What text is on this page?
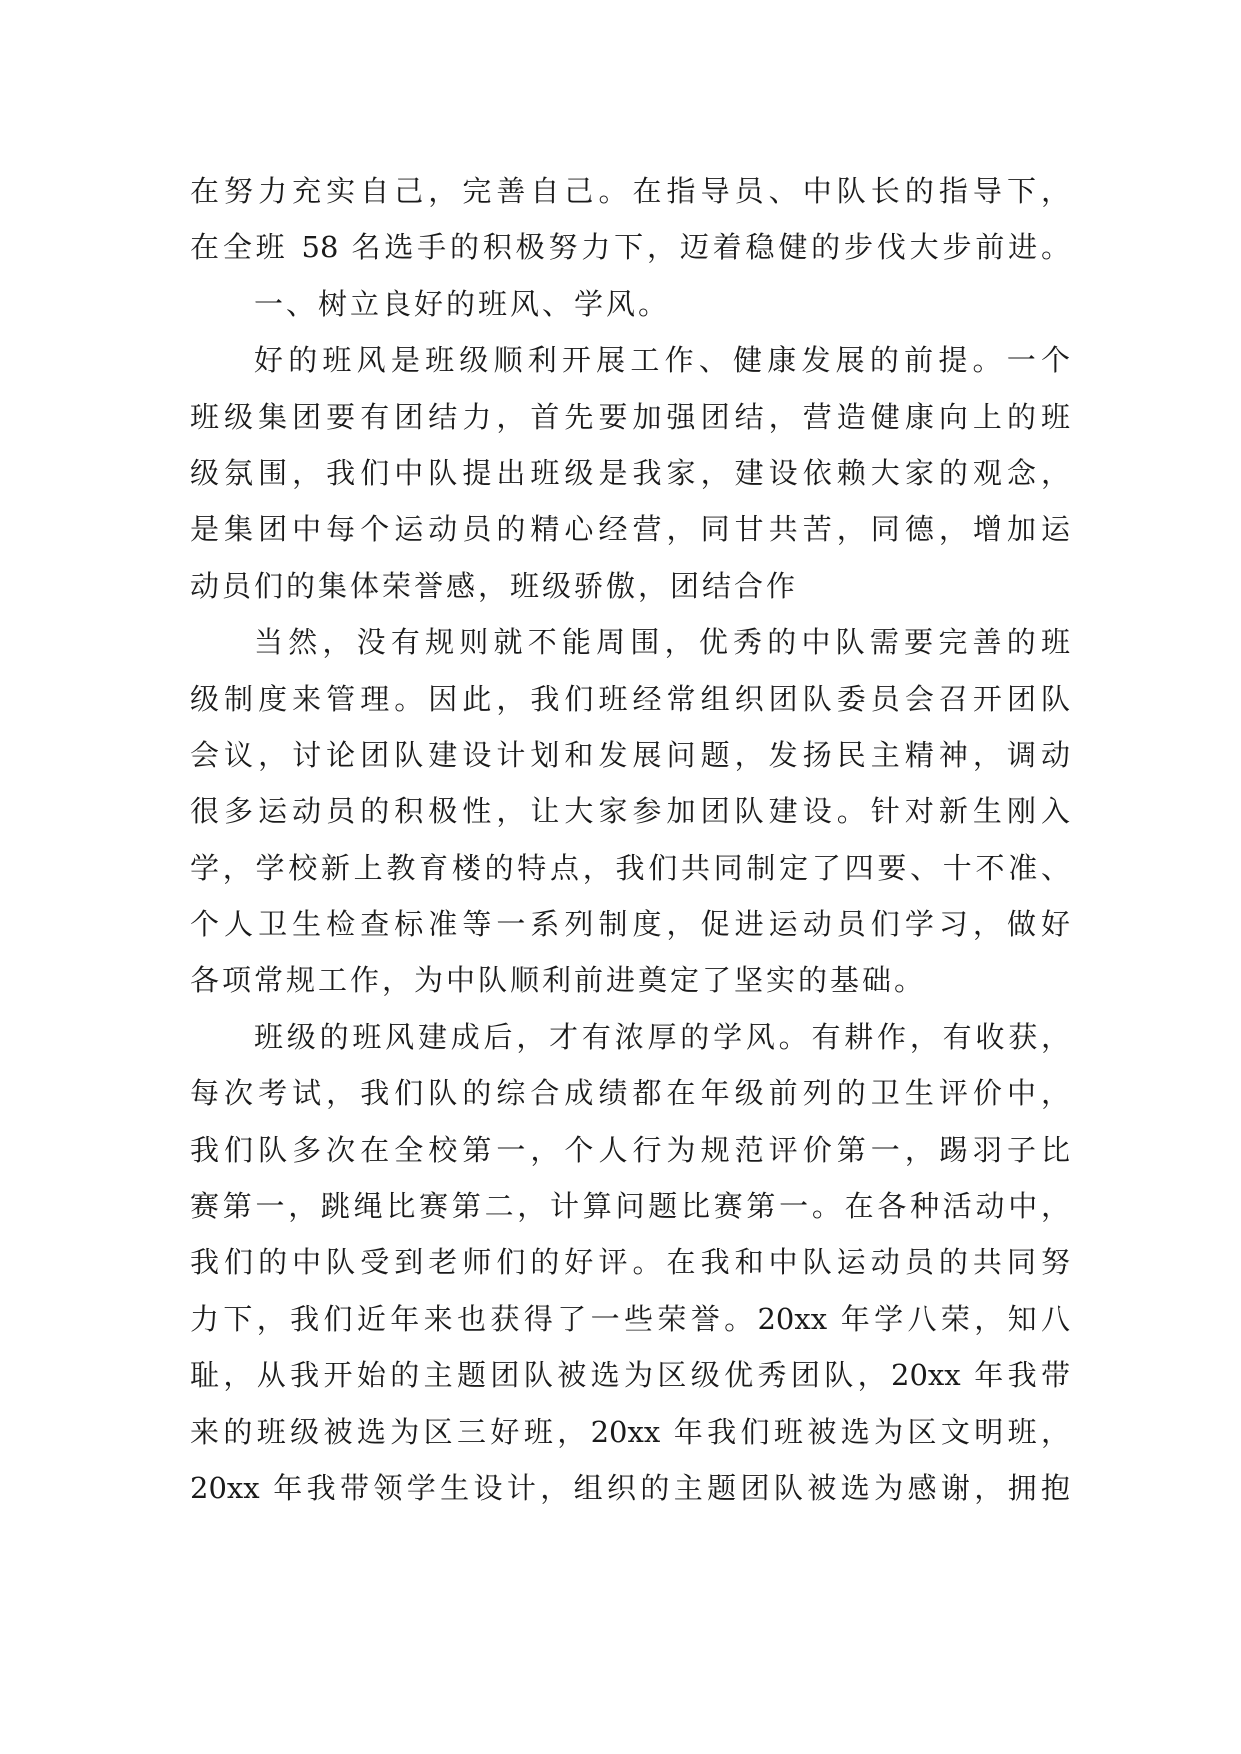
在努力充实自己，完善自己。在指导员、中队长的指导下，
在全班 58 名选手的积极努力下，迈着稳健的步伐大步前进。
一、树立良好的班风、学风。
好的班风是班级顺利开展工作、健康发展的前提。一个
班级集团要有团结力，首先要加强团结，营造健康向上的班
级氛围，我们中队提出班级是我家，建设依赖大家的观念，
是集团中每个运动员的精心经营，同甘共苦，同德，增加运
动员们的集体荣誉感，班级骄傲，团结合作
当然，没有规则就不能周围，优秀的中队需要完善的班
级制度来管理。因此，我们班经常组织团队委员会召开团队
会议，讨论团队建设计划和发展问题，发扬民主精神，调动
很多运动员的积极性，让大家参加团队建设。针对新生刚入
学，学校新上教育楼的特点，我们共同制定了四要、十不准、
个人卫生检查标准等一系列制度，促进运动员们学习，做好
各项常规工作，为中队顺利前进奠定了坚实的基础。
班级的班风建成后，才有浓厚的学风。有耕作，有收获，
每次考试，我们队的综合成绩都在年级前列的卫生评价中，
我们队多次在全校第一，个人行为规范评价第一，踢羽子比
赛第一，跳绳比赛第二，计算问题比赛第一。在各种活动中，
我们的中队受到老师们的好评。在我和中队运动员的共同努
力下，我们近年来也获得了一些荣誉。20xx 年学八荣，知八
耻，从我开始的主题团队被选为区级优秀团队，20xx 年我带
来的班级被选为区三好班，20xx 年我们班被选为区文明班，
20xx 年我带领学生设计，组织的主题团队被选为感谢，拥抱
